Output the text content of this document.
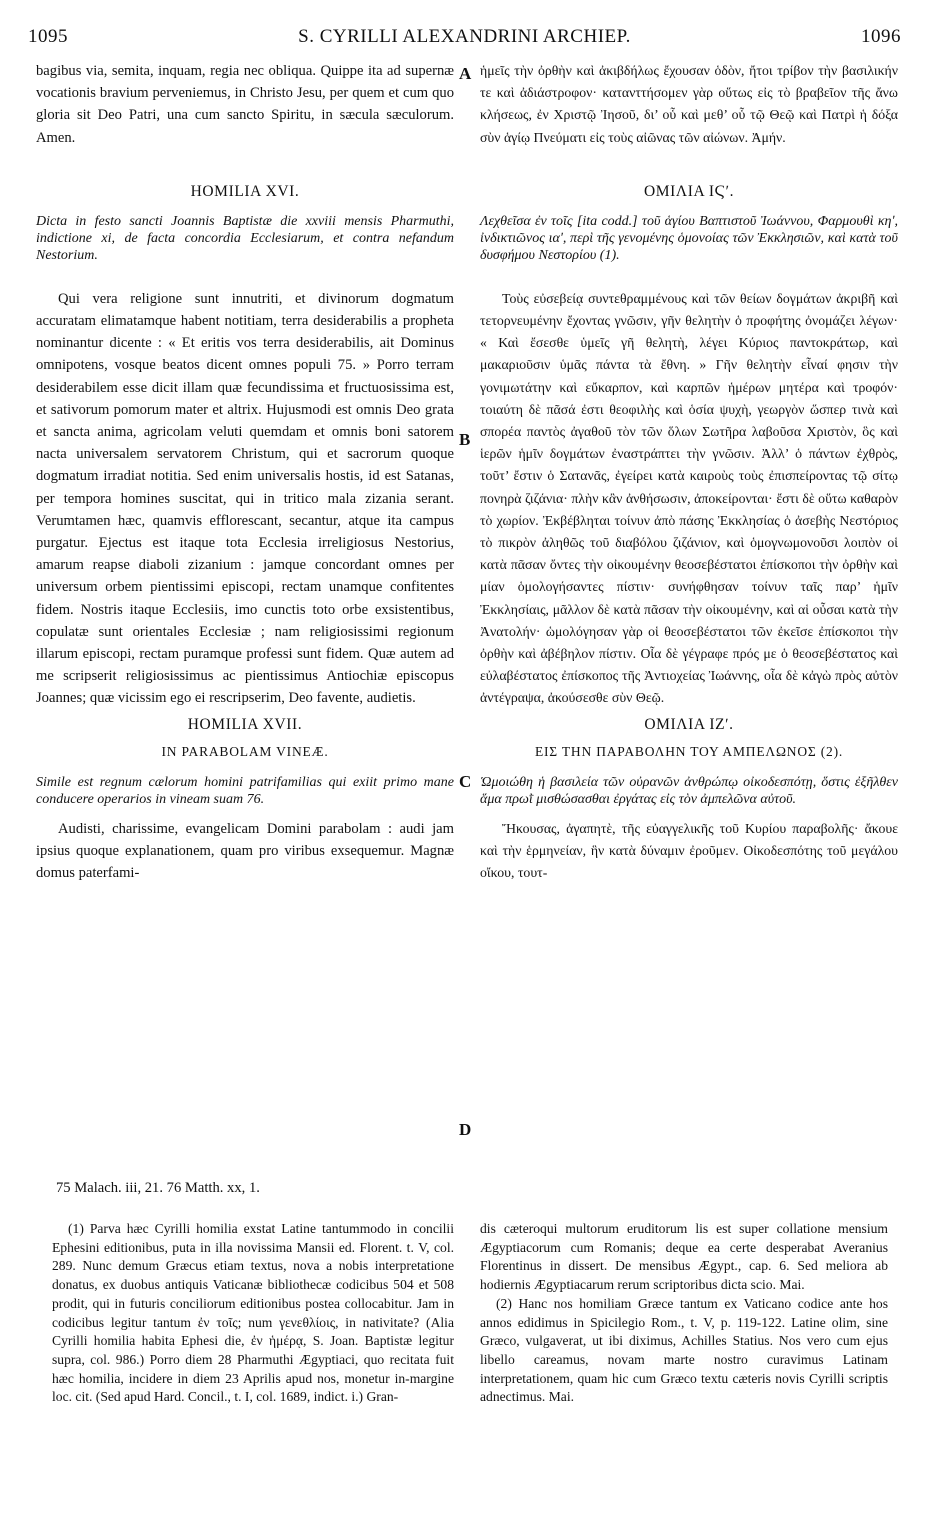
1095	S. CYRILLI ALEXANDRINI ARCHIEP.	1096
bagibus via, semita, inquam, regia nec obliqua. Quippe ita ad supernæ vocationis bravium perveniemus, in Christo Jesu, per quem et cum quo gloria sit Deo Patri, una cum sancto Spiritu, in sæcula sæculorum. Amen.
HOMILIA XVI.
Dicta in festo sancti Joannis Baptistæ die xxviii mensis Pharmuthi, indictione xi, de facta concordia Ecclesiarum, et contra nefandum Nestorium.
Qui vera religione sunt innutriti, et divinorum dogmatum accuratam elimatamque habent notitiam, terra desiderabilis a propheta nominantur dicente : « Et eritis vos terra desiderabilis, ait Dominus omnipotens, vosque beatos dicent omnes populi 75. » Porro terram desiderabilem esse dicit illam quæ fecundissima et fructuosissima est, et sativorum pomorum mater et altrix. Hujusmodi est omnis Deo grata et sancta anima, agricolam veluti quemdam et omnis boni satorem nacta universalem servatorem Christum, qui et sacrorum quoque dogmatum irradiat notitia. Sed enim universalis hostis, id est Satanas, per tempora homines suscitat, qui in tritico mala zizania serant. Verumtamen hæc, quamvis efflorescant, secantur, atque ita campus purgatur. Ejectus est itaque tota Ecclesia irreligiosus Nestorius, amarum reapse diaboli zizanium : jamque concordant omnes per universum orbem pientissimi episcopi, rectam unamque confitentes fidem. Nostris itaque Ecclesiis, imo cunctis toto orbe exsistentibus, copulatæ sunt orientales Ecclesiæ ; nam religiosissimi regionum illarum episcopi, rectam puramque professi sunt fidem. Quæ autem ad me scripserit religiosissimus ac pientissimus Antiochiæ episcopus Joannes; quæ vicissim ego ei rescripserim, Deo favente, audietis.
HOMILIA XVII.
IN PARABOLAM VINEÆ.
Simile est regnum cælorum homini patrifamilias qui exiit primo mane conducere operarios in vineam suam 76.
Audisti, charissime, evangelicam Domini parabolam : audi jam ipsius quoque explanationem, quam pro viribus exsequemur. Magnæ domus paterfami-
A
B
C
D
ἡμεῖς τὴν ὀρθὴν καὶ ἀκιβδήλως ἔχουσαν ὁδὸν, ἤτοι τρίβον τὴν βασιλικήν τε καὶ ἀδιάστροφον· κατανττήσομεν γὰρ οὕτως εἰς τὸ βραβεῖον τῆς ἄνω κλήσεως, ἐν Χριστῷ Ἰησοῦ, δι’ οὗ καὶ μεθ’ οὗ τῷ Θεῷ καὶ Πατρὶ ἡ δόξα σὺν ἁγίῳ Πνεύματι εἰς τοὺς αἰῶνας τῶν αἰώνων. Ἀμήν.
ΟΜΙΛΙΑ ΙϚʹ.
Λεχθεῖσα ἐν τοῖς [ita codd.] τοῦ ἁγίου Βαπτιστοῦ Ἰωάννου, Φαρμουθὶ κηʹ, ἰνδικτιῶνος ιαʹ, περὶ τῆς γενομένης ὁμονοίας τῶν Ἐκκλησιῶν, καὶ κατὰ τοῦ δυσφήμου Νεστορίου (1).
Τοὺς εὐσεβείᾳ συντεθραμμένους καὶ τῶν θείων δογμάτων ἀκριβῆ καὶ τετορνευμένην ἔχοντας γνῶσιν, γῆν θελητὴν ὁ προφήτης ὀνομάζει λέγων· « Καὶ ἔσεσθε ὑμεῖς γῆ θελητὴ, λέγει Κύριος παντοκράτωρ, καὶ μακαριοῦσιν ὑμᾶς πάντα τὰ ἔθνη. » Γῆν θελητὴν εἶναί φησιν τὴν γονιμωτάτην καὶ εὔκαρπον, καὶ καρπῶν ἡμέρων μητέρα καὶ τροφόν· τοιαύτη δὲ πᾶσά ἐστι θεοφιλὴς καὶ ὁσία ψυχὴ, γεωργὸν ὥσπερ τινὰ καὶ σπορέα παντὸς ἀγαθοῦ τὸν τῶν ὅλων Σωτῆρα λαβοῦσα Χριστὸν, ὃς καὶ ἱερῶν ἡμῖν δογμάτων ἐναστράπτει τὴν γνῶσιν. Ἀλλ’ ὁ πάντων ἐχθρὸς, τοῦτ’ ἔστιν ὁ Σατανᾶς, ἐγείρει κατὰ καιροὺς τοὺς ἐπισπείροντας τῷ σίτῳ πονηρὰ ζιζάνια· πλὴν κἂν ἀνθήσωσιν, ἀποκείρονται· ἔστι δὲ οὕτω καθαρὸν τὸ χωρίον. Ἐκβέβληται τοίνυν ἀπὸ πάσης Ἐκκλησίας ὁ ἀσεβὴς Νεστόριος τὸ πικρὸν ἀληθῶς τοῦ διαβόλου ζιζάνιον, καὶ ὁμογνωμονοῦσι λοιπὸν οἱ κατὰ πᾶσαν ὄντες τὴν οἰκουμένην θεοσεβέστατοι ἐπίσκοποι τὴν ὀρθὴν καὶ μίαν ὁμολογήσαντες πίστιν· συνήφθησαν τοίνυν ταῖς παρ’ ἡμῖν Ἐκκλησίαις, μᾶλλον δὲ κατὰ πᾶσαν τὴν οἰκουμένην, καὶ αἱ οὖσαι κατὰ τὴν Ἀνατολήν· ὡμολόγησαν γὰρ οἱ θεοσεβέστατοι τῶν ἐκεῖσε ἐπίσκοποι τὴν ὀρθὴν καὶ ἀβέβηλον πίστιν. Οἷα δὲ γέγραφε πρός με ὁ θεοσεβέστατος καὶ εὐλαβέστατος ἐπίσκοπος τῆς Ἀντιοχείας Ἰωάννης, οἷα δὲ κἀγὼ πρὸς αὐτὸν ἀντέγραψα, ἀκούσεσθε σὺν Θεῷ.
ΟΜΙΛΙΑ ΙΖʹ.
ΕΙΣ ΤΗΝ ΠΑΡΑΒΟΛΗΝ ΤΟΥ ΑΜΠΕΛΩΝΟΣ (2).
Ὡμοιώθη ἡ βασιλεία τῶν οὐρανῶν ἀνθρώπῳ οἰκοδεσπότῃ, ὅστις ἐξῆλθεν ἅμα πρωῒ μισθώσασθαι ἐργάτας εἰς τὸν ἀμπελῶνα αὐτοῦ.
Ἤκουσας, ἀγαπητὲ, τῆς εὐαγγελικῆς τοῦ Κυρίου παραβολῆς· ἄκουε καὶ τὴν ἑρμηνείαν, ἣν κατὰ δύναμιν ἐροῦμεν. Οἰκοδεσπότης τοῦ μεγάλου οἴκου, τουτ-
75 Malach. iii, 21. 76 Matth. xx, 1.

(1) Parva hæc Cyrilli homilia exstat Latine tantummodo in concilii Ephesini editionibus, puta in illa novissima Mansii ed. Florent. t. V, col. 289. Nunc demum Græcus etiam textus, nova a nobis interpretatione donatus, ex duobus antiquis Vaticanæ bibliothecæ codicibus 504 et 508 prodit, qui in futuris conciliorum editionibus postea collocabitur. Jam in codicibus legitur tantum ἐν τοῖς; num γενεθλίοις, in nativitate? (Alia Cyrilli homilia habita Ephesi die, ἐν ἡμέρᾳ, S. Joan. Baptistæ legitur supra, col. 986.) Porro diem 28 Pharmuthi Ægyptiaci, quo recitata fuit hæc homilia, incidere in diem 23 Aprilis apud nos, monetur in-margine loc. cit. (Sed apud Hard. Concil., t. I, col. 1689, indict. i.) Gran-

dis cæteroqui multorum eruditorum lis est super collatione mensium Ægyptiacorum cum Romanis; deque ea certe desperabat Averanius Florentinus in dissert. De mensibus Ægypt., cap. 6. Sed meliora ab hodiernis Ægyptiacarum rerum scriptoribus dicta scio. Mai.

(2) Hanc nos homiliam Græce tantum ex Vaticano codice ante hos annos edidimus in Spicilegio Rom., t. V, p. 119-122. Latine olim, sine Græco, vulgaverat, ut ibi diximus, Achilles Statius. Nos vero cum ejus libello careamus, novam marte nostro curavimus Latinam interpretationem, quam hic cum Græco textu cæteris novis Cyrilli scriptis adnectimus. Mai.
